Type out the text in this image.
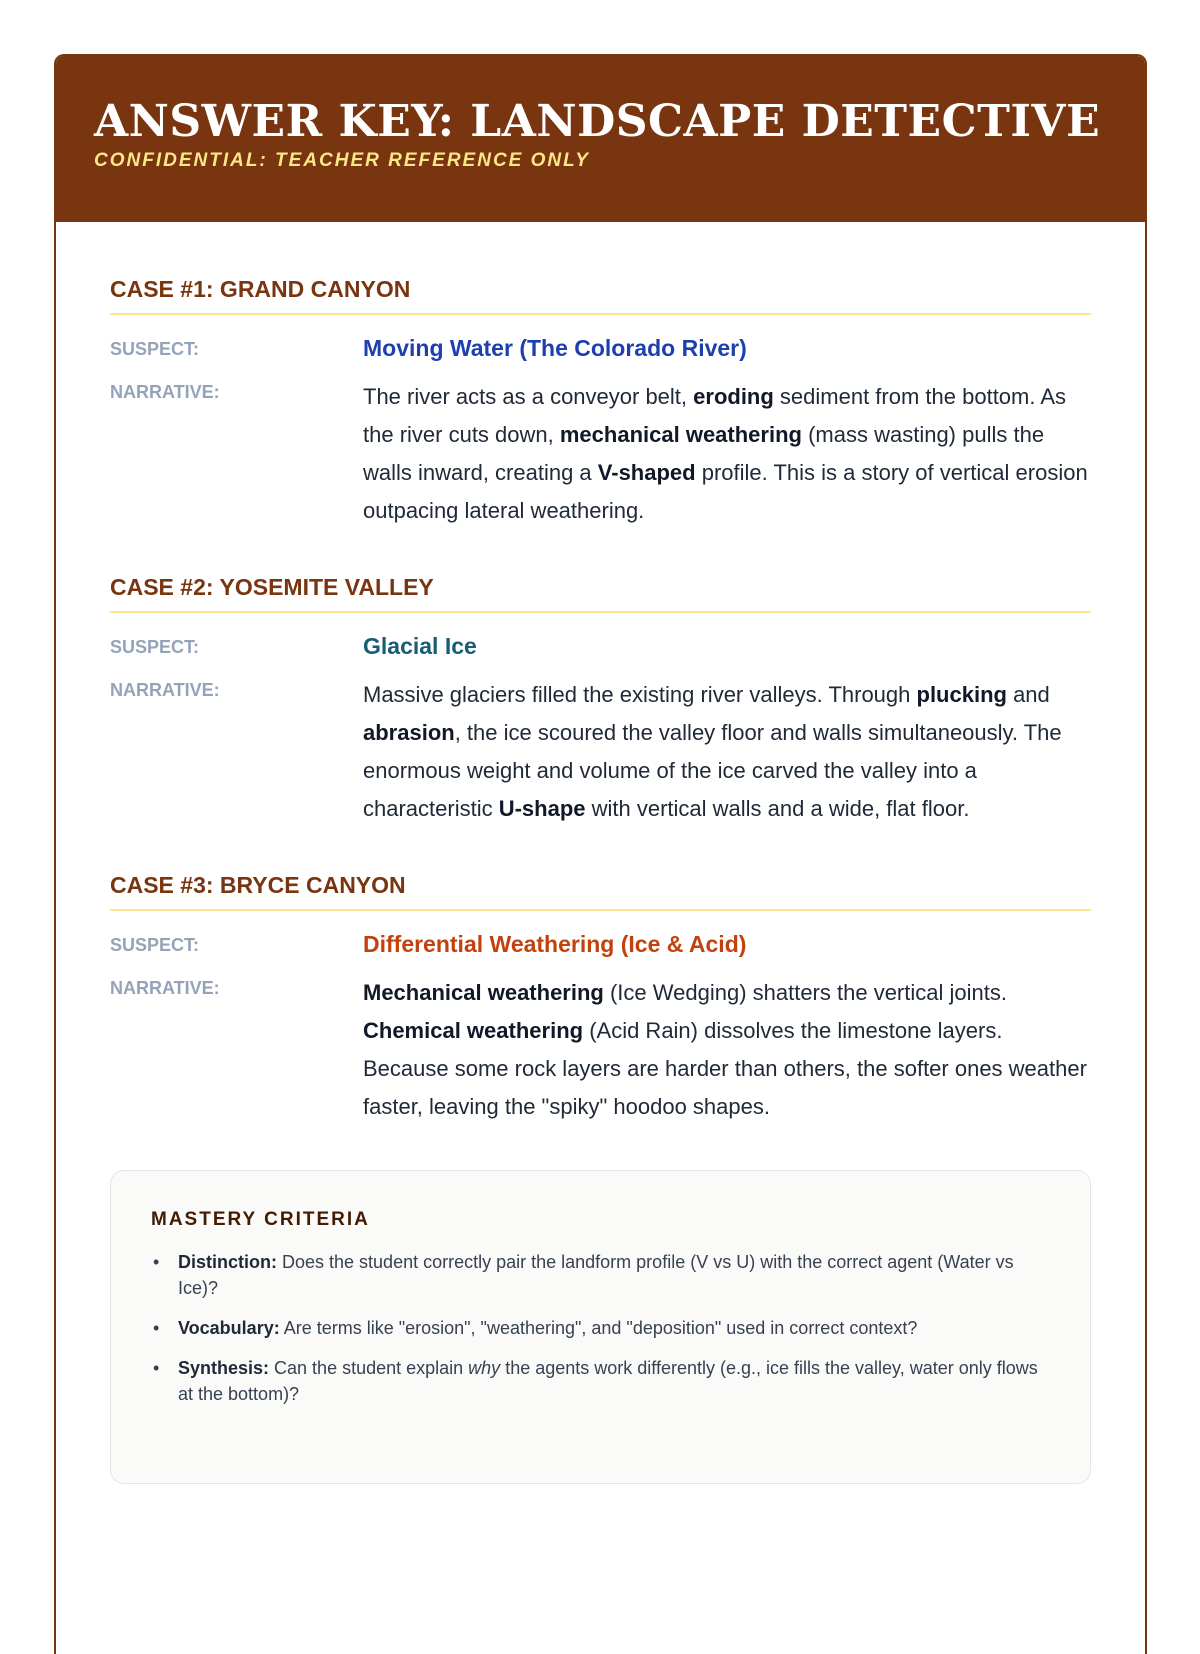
ANSWER KEY: LANDSCAPE DETECTIVE
CONFIDENTIAL: TEACHER REFERENCE ONLY
CASE #1: GRAND CANYON
SUSPECT:	Moving Water (The Colorado River)
NARRATIVE:	The river acts as a conveyor belt, eroding sediment from the bottom. As the river cuts down, mechanical weathering (mass wasting) pulls the walls inward, creating a V-shaped profile. This is a story of vertical erosion outpacing lateral weathering.
CASE #2: YOSEMITE VALLEY
SUSPECT:	Glacial Ice
NARRATIVE:	Massive glaciers filled the existing river valleys. Through plucking and abrasion, the ice scoured the valley floor and walls simultaneously. The enormous weight and volume of the ice carved the valley into a characteristic U-shape with vertical walls and a wide, flat floor.
CASE #3: BRYCE CANYON
SUSPECT:	Differential Weathering (Ice & Acid)
NARRATIVE:	Mechanical weathering (Ice Wedging) shatters the vertical joints. Chemical weathering (Acid Rain) dissolves the limestone layers. Because some rock layers are harder than others, the softer ones weather faster, leaving the "spiky" hoodoo shapes.
MASTERY CRITERIA
• Distinction: Does the student correctly pair the landform profile (V vs U) with the correct agent (Water vs Ice)?
• Vocabulary: Are terms like "erosion", "weathering", and "deposition" used in correct context?
• Synthesis: Can the student explain why the agents work differently (e.g., ice fills the valley, water only flows at the bottom)?
